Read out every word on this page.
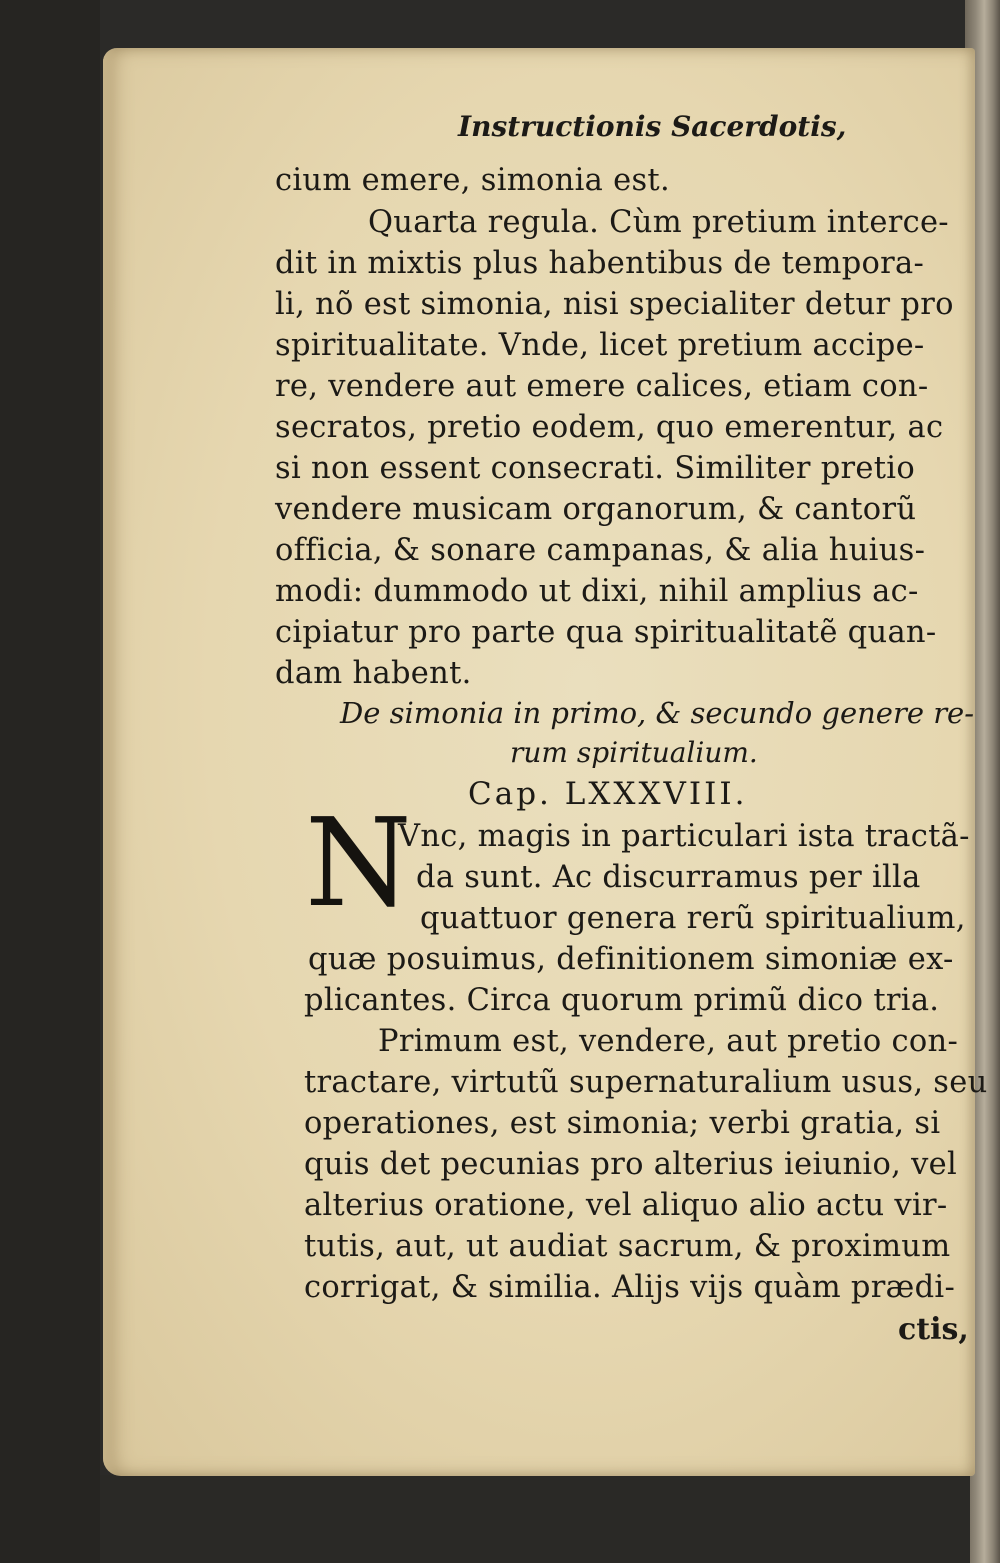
Instructionis Sacerdotis,
cium emere, simonia est.
Quarta regula. Cùm pretium interce-
dit in mixtis plus habentibus de tempora-
li, nõ est simonia, nisi specialiter detur pro
spiritualitate. Vnde, licet pretium accipe-
re, vendere aut emere calices, etiam con-
secratos, pretio eodem, quo emerentur, ac
si non essent consecrati. Similiter pretio
vendere musicam organorum, & cantorũ
officia, & sonare campanas, & alia huius-
modi: dummodo ut dixi, nihil amplius ac-
cipiatur pro parte qua spiritualitatẽ quan-
dam habent.
De simonia in primo, & secundo genere re-
rum spiritualium.
Cap. LXXXVIII.
N
Vnc, magis in particulari ista tractã-
da sunt. Ac discurramus per illa
quattuor genera rerũ spiritualium,
quæ posuimus, definitionem simoniæ ex-
plicantes. Circa quorum primũ dico tria.
Primum est, vendere, aut pretio con-
tractare, virtutũ supernaturalium usus, seu
operationes, est simonia; verbi gratia, si
quis det pecunias pro alterius ieiunio, vel
alterius oratione, vel aliquo alio actu vir-
tutis, aut, ut audiat sacrum, & proximum
corrigat, & similia. Alijs vijs quàm prædi-
ctis,
